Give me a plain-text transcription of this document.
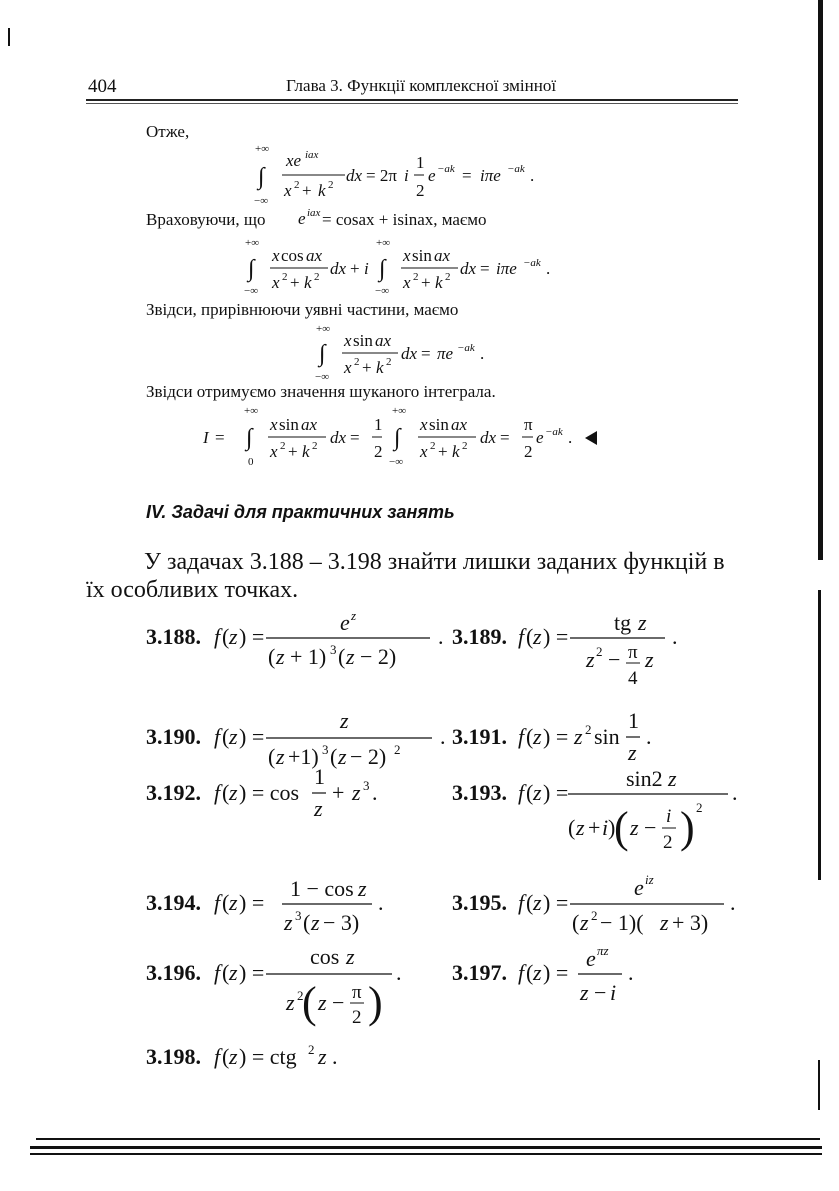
404	Глава 3. Функції комплексної змінної
Отже,
Враховуючи, що	= cosax + isinax, маємо
Звідси, прирівнюючи уявні частини, маємо
Звідси отримуємо значення шуканого інтеграла.
+∞
∫
−∞
xe iax
x 2 + k 2 dx = 2π i
1
2
e −ak = iπe −ak .
e iax
+∞
∫
−∞
x cos ax
x 2 + k 2 dx + i
+∞
∫
−∞
x sin ax
x 2 + k 2 dx = iπe −ak .
+∞
∫
−∞
x sin ax
x 2 + k 2 dx = πe −ak .
I =
+∞
∫
0
x sin ax
x 2 + k 2 dx =
1
2
+∞
∫
−∞
x sin ax
x 2 + k 2 dx =
π
2
e −ak .
3.188. f ( z ) =
e z
( z + 1) 3 ( z − 2)
. 3.189. f ( z ) =
tg z
z 2 − π
4
z
.
3.190. f ( z ) =
z
( z +1) 3 ( z − 2) 2
. 3.191. f ( z ) = z 2 sin
1
z
.
3.192. f ( z ) = cos
1
z
+ z 3 .	3.193. f ( z ) =
sin2 z
( z + i )
( z − i
2 ) 2
.
3.194. f ( z ) =
1 − cos z
z 3 ( z − 3)
.	3.195. f ( z ) =
e iz
( z 2 − 1)( z + 3)
.
3.196. f ( z ) =
cos z
z 2
( z − π
2 )
. 3.197. f ( z ) =
e πz
z − i
.
3.198. f ( z ) = ctg 2 z .
IV. Задачі для практичних занять
У задачах 3.188 – 3.198 знайти лишки заданих функцій в їх особливих точках.
